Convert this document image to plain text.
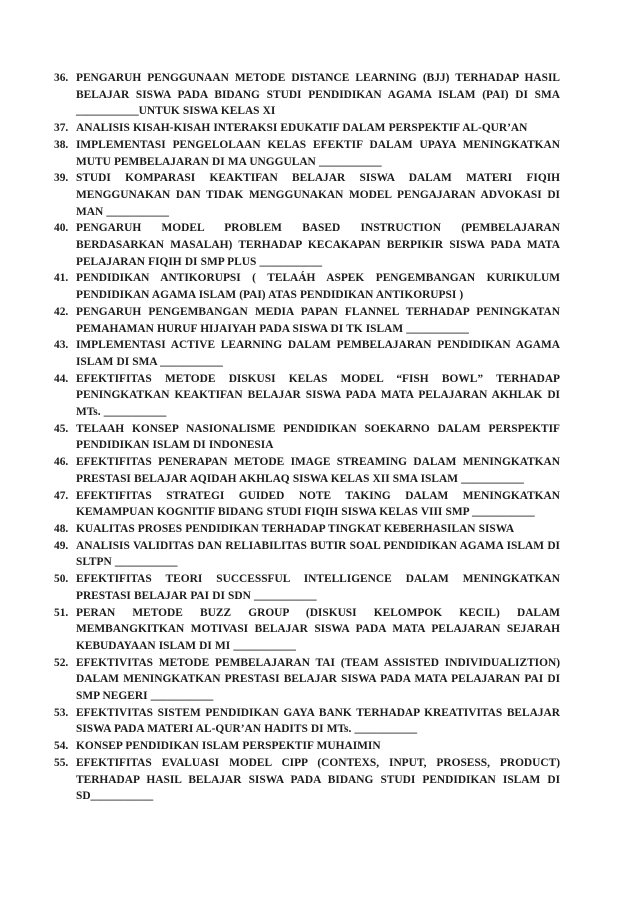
36. PENGARUH PENGGUNAAN METODE DISTANCE LEARNING (BJJ) TERHADAP HASIL BELAJAR SISWA PADA BIDANG STUDI PENDIDIKAN AGAMA ISLAM (PAI) DI SMA ___________UNTUK SISWA KELAS XI
37. ANALISIS KISAH-KISAH INTERAKSI EDUKATIF DALAM PERSPEKTIF AL-QUR’AN
38. IMPLEMENTASI PENGELOLAAN KELAS EFEKTIF DALAM UPAYA MENINGKATKAN MUTU PEMBELAJARAN DI MA UNGGULAN ___________
39. STUDI KOMPARASI KEAKTIFAN BELAJAR SISWA DALAM MATERI FIQIH MENGGUNAKAN DAN TIDAK MENGGUNAKAN MODEL PENGAJARAN ADVOKASI DI MAN ___________
40. PENGARUH MODEL PROBLEM BASED INSTRUCTION (PEMBELAJARAN BERDASARKAN MASALAH) TERHADAP KECAKAPAN BERPIKIR SISWA PADA MATA PELAJARAN FIQIH DI SMP PLUS ___________
41. PENDIDIKAN ANTIKORUPSI ( TELAÁH ASPEK PENGEMBANGAN KURIKULUM PENDIDIKAN AGAMA ISLAM (PAI) ATAS PENDIDIKAN ANTIKORUPSI )
42. PENGARUH PENGEMBANGAN MEDIA PAPAN FLANNEL TERHADAP PENINGKATAN PEMAHAMAN HURUF HIJAIYAH PADA SISWA DI TK ISLAM ___________
43. IMPLEMENTASI ACTIVE LEARNING DALAM PEMBELAJARAN PENDIDIKAN AGAMA ISLAM DI SMA ___________
44. EFEKTIFITAS METODE DISKUSI KELAS MODEL “FISH BOWL” TERHADAP PENINGKATKAN KEAKTIFAN BELAJAR SISWA PADA MATA PELAJARAN AKHLAK DI MTs. ___________
45. TELAAH KONSEP NASIONALISME PENDIDIKAN SOEKARNO DALAM PERSPEKTIF PENDIDIKAN ISLAM DI INDONESIA
46. EFEKTIFITAS PENERAPAN METODE IMAGE STREAMING DALAM MENINGKATKAN PRESTASI BELAJAR AQIDAH AKHLAQ SISWA KELAS XII SMA ISLAM ___________
47. EFEKTIFITAS STRATEGI GUIDED NOTE TAKING DALAM MENINGKATKAN KEMAMPUAN KOGNITIF BIDANG STUDI FIQIH SISWA KELAS VIII SMP ___________
48. KUALITAS PROSES PENDIDIKAN TERHADAP TINGKAT KEBERHASILAN SISWA
49. ANALISIS VALIDITAS DAN RELIABILITAS BUTIR SOAL PENDIDIKAN AGAMA ISLAM DI SLTPN ___________
50. EFEKTIFITAS TEORI SUCCESSFUL INTELLIGENCE DALAM MENINGKATKAN PRESTASI BELAJAR PAI DI SDN ___________
51. PERAN METODE BUZZ GROUP (DISKUSI KELOMPOK KECIL) DALAM MEMBANGKITKAN MOTIVASI BELAJAR SISWA PADA MATA PELAJARAN SEJARAH KEBUDAYAAN ISLAM DI MI ___________
52. EFEKTIVITAS METODE PEMBELAJARAN TAI (TEAM ASSISTED INDIVIDUALIZTION) DALAM MENINGKATKAN PRESTASI BELAJAR SISWA PADA MATA PELAJARAN PAI DI SMP NEGERI ___________
53. EFEKTIVITAS SISTEM PENDIDIKAN GAYA BANK TERHADAP KREATIVITAS BELAJAR SISWA PADA MATERI AL-QUR’AN HADITS DI MTs. ___________
54. KONSEP PENDIDIKAN ISLAM PERSPEKTIF MUHAIMIN
55. EFEKTIFITAS EVALUASI MODEL CIPP (CONTEXS, INPUT, PROSESS, PRODUCT) TERHADAP HASIL BELAJAR SISWA PADA BIDANG STUDI PENDIDIKAN ISLAM DI SD___________
